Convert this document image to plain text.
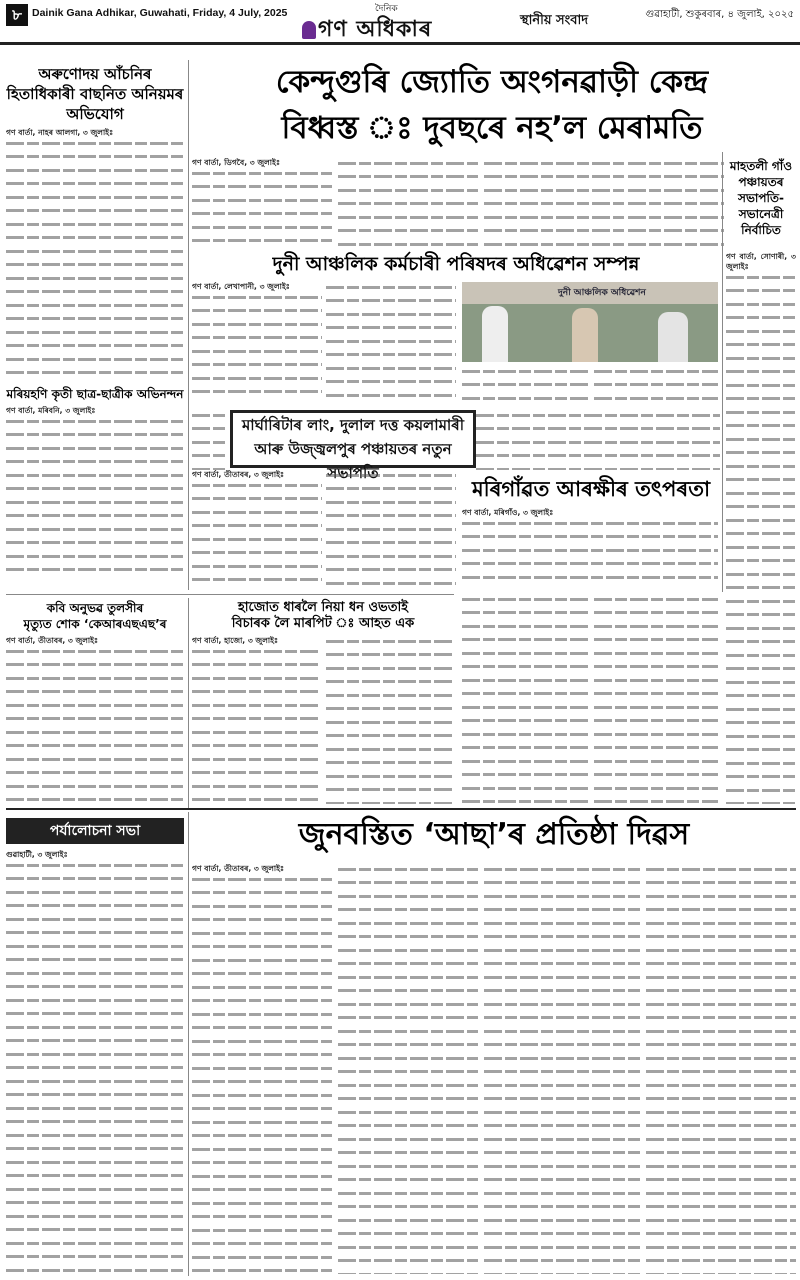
৮ Dainik Gana Adhikar, Guwahati, Friday, 4 July, 2025	দৈনিক
গণ অধিকাৰ	স্থানীয় সংবাদ	গুৱাহাটী, শুকুৰবাৰ, ৪ জুলাই, ২০২৫
অৰুণোদয় আঁচনিৰ হিতাধিকাৰী বাছনিত অনিয়মৰ অভিযোগ
গণ বাৰ্তা, নাহৰ আলগা, ৩ জুলাইঃ
কেন্দুগুৰি জ্যোতি অংগনৱাড়ী কেন্দ্ৰ
বিধ্বস্ত ঃ দুবছৰে নহ’ল মেৰামতি
গণ বাৰ্তা, ডিগবৈ, ৩ জুলাইঃ	মাহতলী গাঁও পঞ্চায়তৰ সভাপতি-সভানেত্ৰী নিৰ্বাচিত
গণ বাৰ্তা, সোণাৰী, ৩ জুলাইঃ
দুনী আঞ্চলিক কৰ্মচাৰী পৰিষদৰ অধিৱেশন সম্পন্ন
গণ বাৰ্তা, লেখাপানী, ৩ জুলাইঃ
দুনী আঞ্চলিক অধিৱেশন
মৰিয়হণি কৃতী ছাত্ৰ-ছাত্ৰীক অভিনন্দন
গণ বাৰ্তা, মৰিবনি, ৩ জুলাইঃ
মাৰ্ঘাৰিটাৰ লাং, দুলাল দত্ত কয়লামাৰী
আৰু উজ্জ্বলপুৰ পঞ্চায়তৰ নতুন সভাপতি
গণ বাৰ্তা, তীতাবৰ, ৩ জুলাইঃ
মৰিগাঁৱত আৰক্ষীৰ তৎপৰতা
গণ বাৰ্তা, মৰিগাঁও, ৩ জুলাইঃ
কবি অনুভৱ তুলসীৰ
মৃত্যুত শোক ‘কেআৰএছএছ’ৰ
গণ বাৰ্তা, তীতাবৰ, ৩ জুলাইঃ
হাজোত ধাৰলৈ নিয়া ধন ওভতাই
বিচাৰক লৈ মাৰপিট ঃ আহত এক
গণ বাৰ্তা, হাজো, ৩ জুলাইঃ
পৰ্যালোচনা সভা
গুৱাহাটী, ৩ জুলাইঃ
জুনবস্তিত ‘আছা’ৰ প্ৰতিষ্ঠা দিৱস
গণ বাৰ্তা, তীতাবৰ, ৩ জুলাইঃ
